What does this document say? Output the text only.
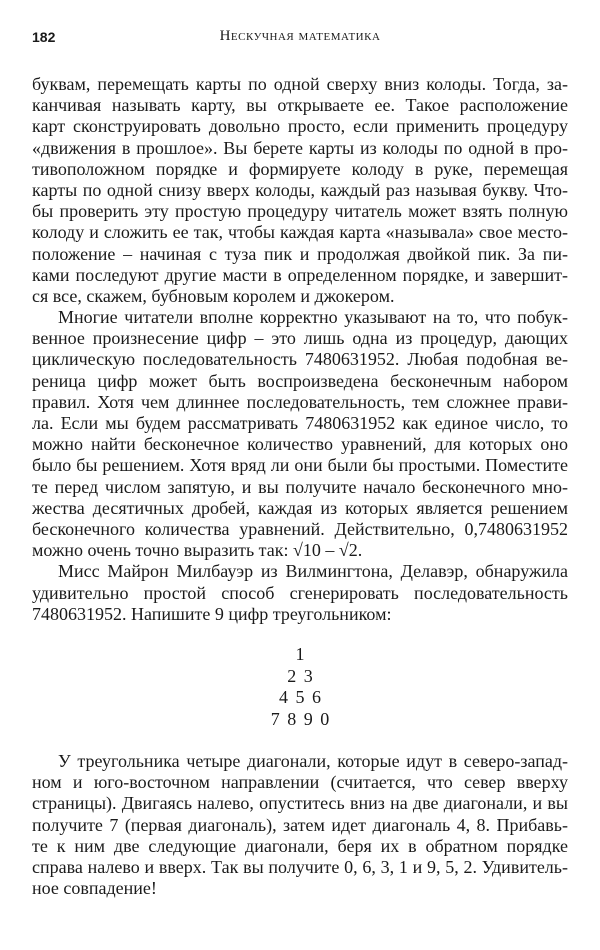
182	Нескучная математика
буквам, перемещать карты по одной сверху вниз колоды. Тогда, за-
канчивая называть карту, вы открываете ее. Такое расположение
карт сконструировать довольно просто, если применить процедуру
«движения в прошлое». Вы берете карты из колоды по одной в про-
тивоположном порядке и формируете колоду в руке, перемещая
карты по одной снизу вверх колоды, каждый раз называя букву. Что-
бы проверить эту простую процедуру читатель может взять полную
колоду и сложить ее так, чтобы каждая карта «называла» свое место-
положение – начиная с туза пик и продолжая двойкой пик. За пи-
ками последуют другие масти в определенном порядке, и завершит-
ся все, скажем, бубновым королем и джокером.
Многие читатели вполне корректно указывают на то, что побук-
венное произнесение цифр – это лишь одна из процедур, дающих
циклическую последовательность 7480631952. Любая подобная ве-
реница цифр может быть воспроизведена бесконечным набором
правил. Хотя чем длиннее последовательность, тем сложнее прави-
ла. Если мы будем рассматривать 7480631952 как единое число, то
можно найти бесконечное количество уравнений, для которых оно
было бы решением. Хотя вряд ли они были бы простыми. Поместите
те перед числом запятую, и вы получите начало бесконечного мно-
жества десятичных дробей, каждая из которых является решением
бесконечного количества уравнений. Действительно, 0,7480631952
можно очень точно выразить так: √10 – √2.
Мисс Майрон Милбауэр из Вилмингтона, Делавэр, обнаружила
удивительно простой способ сгенерировать последовательность
7480631952. Напишите 9 цифр треугольником:
1
2 3
4 5 6
7 8 9 0
У треугольника четыре диагонали, которые идут в северо-запад-
ном и юго-восточном направлении (считается, что север вверху
страницы). Двигаясь налево, опуститесь вниз на две диагонали, и вы
получите 7 (первая диагональ), затем идет диагональ 4, 8. Прибавь-
те к ним две следующие диагонали, беря их в обратном порядке
справа налево и вверх. Так вы получите 0, 6, 3, 1 и 9, 5, 2. Удивитель-
ное совпадение!
